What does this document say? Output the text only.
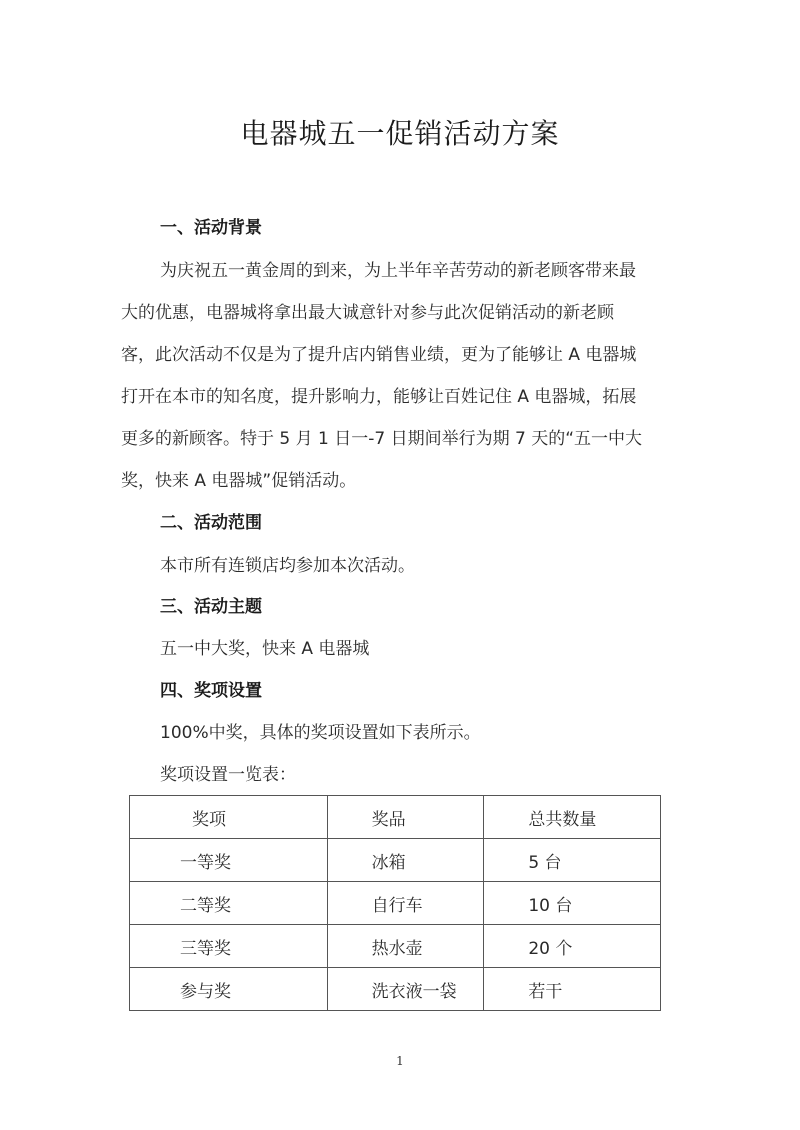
电器城五一促销活动方案
一、活动背景
为庆祝五一黄金周的到来，为上半年辛苦劳动的新老顾客带来最
大的优惠，电器城将拿出最大诚意针对参与此次促销活动的新老顾
客，此次活动不仅是为了提升店内销售业绩，更为了能够让 A 电器城
打开在本市的知名度，提升影响力，能够让百姓记住 A 电器城，拓展
更多的新顾客。特于 5 月 1 日一-7 日期间举行为期 7 天的“五一中大
奖，快来 A 电器城”促销活动。
二、活动范围
本市所有连锁店均参加本次活动。
三、活动主题
五一中大奖，快来 A 电器城
四、奖项设置
100%中奖，具体的奖项设置如下表所示。
奖项设置一览表：
奖项	奖品	总共数量
一等奖	冰箱	5 台
二等奖	自行车	10 台
三等奖	热水壶	20 个
参与奖	洗衣液一袋	若干
1
